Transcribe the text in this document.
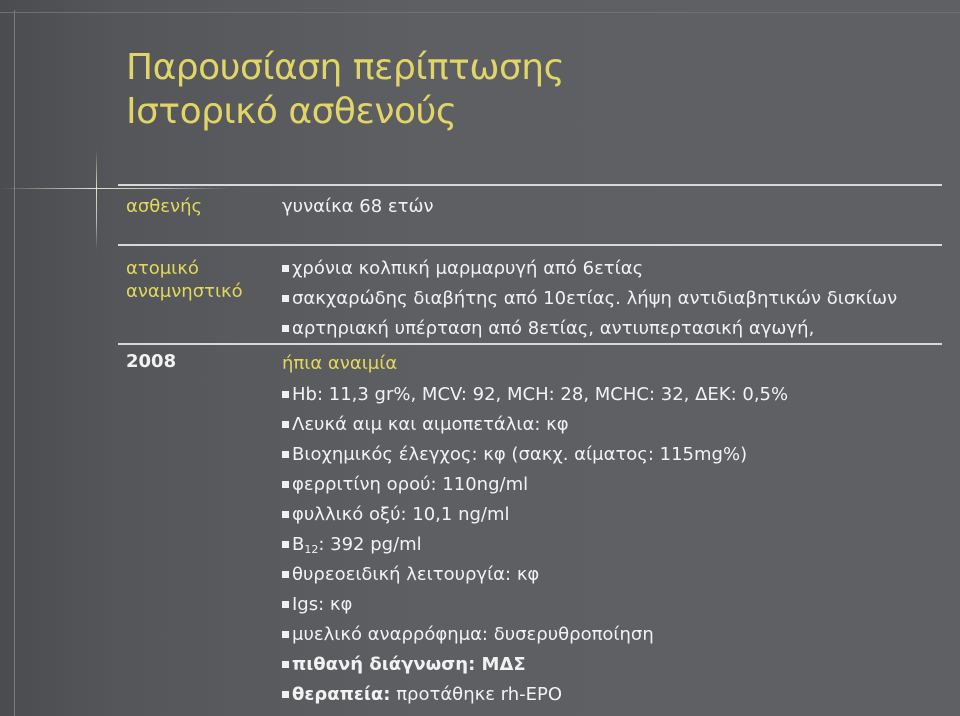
Παρουσίαση περίπτωσης
Ιστορικό ασθενούς
ασθενής	γυναίκα 68 ετών
ατομικό
αναμνηστικό
χρόνια κολπική μαρμαρυγή από 6ετίας
σακχαρώδης διαβήτης από 10ετίας. λήψη αντιδιαβητικών δισκίων
αρτηριακή υπέρταση από 8ετίας, αντιυπερτασική αγωγή,
2008	ήπια αναιμία
Hb: 11,3 gr%, MCV: 92, MCH: 28, MCHC: 32, ΔΕΚ: 0,5%
Λευκά αιμ και αιμοπετάλια: κφ
Βιοχημικός έλεγχος: κφ (σακχ. αίματος: 115mg%)
φερριτίνη ορού: 110ng/ml
φυλλικό οξύ: 10,1 ng/ml
$B_{12}$: 392 pg/ml
θυρεοειδική λειτουργία: κφ
Igs: κφ
μυελικό αναρρόφημα: δυσερυθροποίηση
πιθανή διάγνωση: ΜΔΣ
θεραπεία: προτάθηκε rh-EPO
